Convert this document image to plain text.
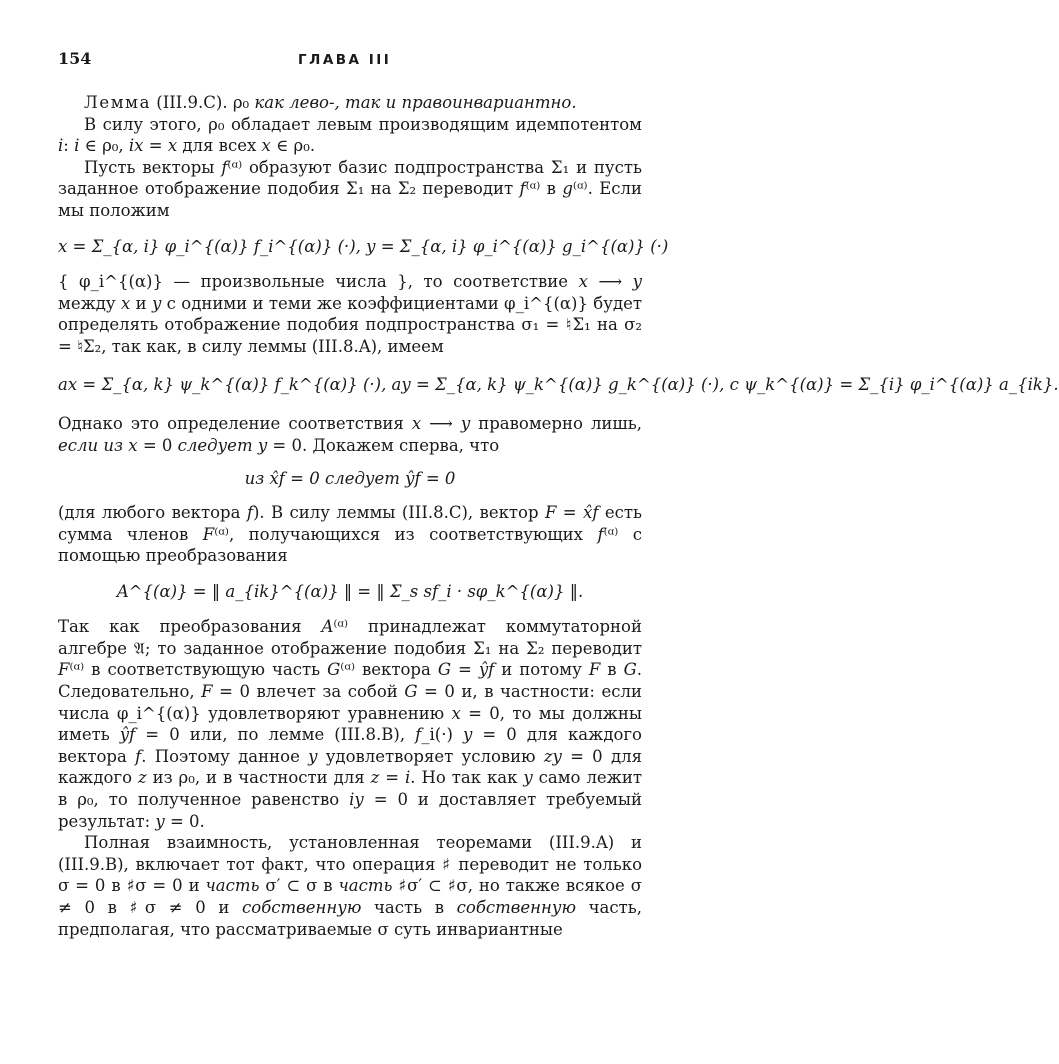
154	ГЛАВА III

Лемма (III.9.C). ρ₀ как лево-, так и правоинвариантно.

В силу этого, ρ₀ обладает левым производящим идемпотентом i: i ∈ ρ₀, ix = x для всех x ∈ ρ₀.

Пусть векторы f⁽ᵅ⁾ образуют базис подпространства Σ₁ и пусть заданное отображение подобия Σ₁ на Σ₂ переводит f⁽ᵅ⁾ в g⁽ᵅ⁾. Если мы положим

x = Σ_{α, i} φ_i^{(α)} f_i^{(α)} (·), y = Σ_{α, i} φ_i^{(α)} g_i^{(α)} (·)

{ φ_i^{(α)} — произвольные числа }, то соответствие x ⟶ y между x и y с одними и теми же коэффициентами φ_i^{(α)} будет определять отображение подобия подпространства σ₁ = ♮Σ₁ на σ₂ = ♮Σ₂, так как, в силу леммы (III.8.A), имеем

ax = Σ_{α, k} ψ_k^{(α)} f_k^{(α)} (·), ay = Σ_{α, k} ψ_k^{(α)} g_k^{(α)} (·), с ψ_k^{(α)} = Σ_{i} φ_i^{(α)} a_{ik}.

Однако это определение соответствия x ⟶ y правомерно лишь, если из x = 0 следует y = 0. Докажем сперва, что

из x̂f = 0 следует ŷf = 0

(для любого вектора f). В силу леммы (III.8.C), вектор F = x̂f есть сумма членов F⁽ᵅ⁾, получающихся из соответствующих f⁽ᵅ⁾ с помощью преобразования

A^{(α)} = ‖ a_{ik}^{(α)} ‖ = ‖ Σ_s sf_i · sφ_k^{(α)} ‖.

Так как преобразования A⁽ᵅ⁾ принадлежат коммутаторной алгебре 𝔄; то заданное отображение подобия Σ₁ на Σ₂ переводит F⁽ᵅ⁾ в соответствующую часть G⁽ᵅ⁾ вектора G = ŷf и потому F в G. Следовательно, F = 0 влечет за собой G = 0 и, в частности: если числа φ_i^{(α)} удовлетворяют уравнению x = 0, то мы должны иметь ŷf = 0 или, по лемме (III.8.B), f_i(·) y = 0 для каждого вектора f. Поэтому данное y удовлетворяет условию zy = 0 для каждого z из ρ₀, и в частности для z = i. Но так как y само лежит в ρ₀, то полученное равенство iy = 0 и доставляет требуемый результат: y = 0.

Полная взаимность, установленная теоремами (III.9.A) и (III.9.B), включает тот факт, что операция ♯ переводит не только σ = 0 в ♯σ = 0 и часть σ′ ⊂ σ в часть ♯σ′ ⊂ ♯σ, но также всякое σ ≠ 0 в ♯σ ≠ 0 и собственную часть в собственную часть, предполагая, что рассматриваемые σ суть инвариантные
